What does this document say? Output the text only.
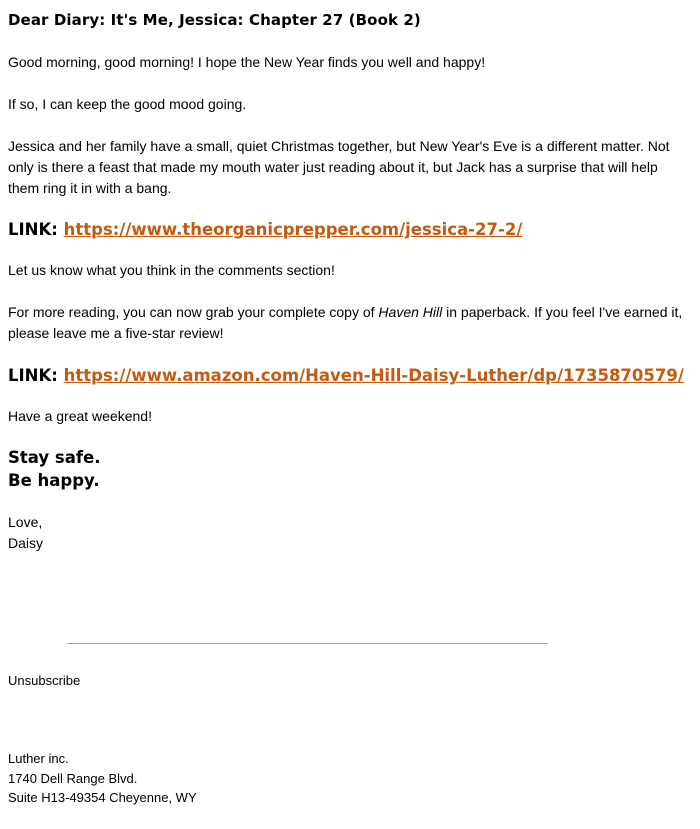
Dear Diary: It's Me, Jessica: Chapter 27 (Book 2)

Good morning, good morning! I hope the New Year finds you well and happy!

If so, I can keep the good mood going.

Jessica and her family have a small, quiet Christmas together, but New Year's Eve is a different matter. Not only is there a feast that made my mouth water just reading about it, but Jack has a surprise that will help them ring it in with a bang.

LINK: https://www.theorganicprepper.com/jessica-27-2/

Let us know what you think in the comments section!

For more reading, you can now grab your complete copy of Haven Hill in paperback. If you feel I've earned it, please leave me a five-star review!

LINK: https://www.amazon.com/Haven-Hill-Daisy-Luther/dp/1735870579/

Have a great weekend!

Stay safe.
Be happy.

Love,
Daisy

Unsubscribe

Luther inc.
1740 Dell Range Blvd.
Suite H13-49354 Cheyenne, WY
